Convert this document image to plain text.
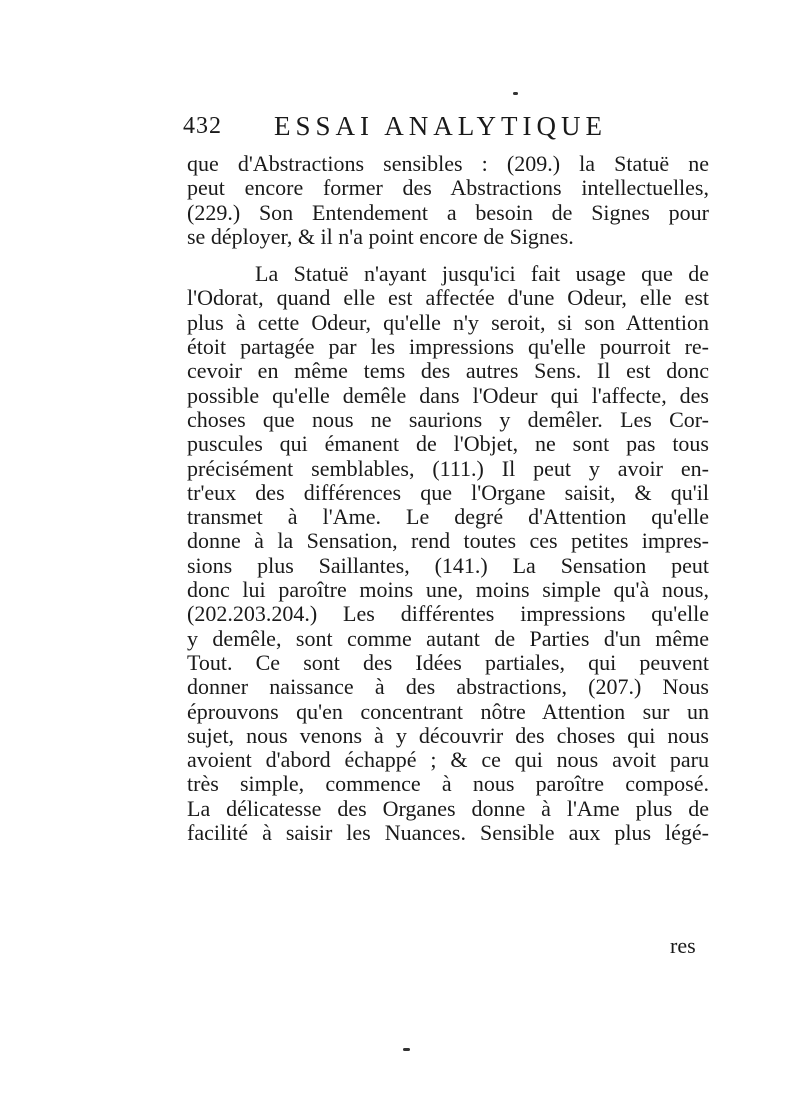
432 ESSAI ANALYTIQUE
que d'Abstractions sensibles : (209.) la Statuë ne
peut encore former des Abstractions intellectuelles,
(229.) Son Entendement a besoin de Signes pour
se déployer, & il n'a point encore de Signes.
La Statuë n'ayant jusqu'ici fait usage que de
l'Odorat, quand elle est affectée d'une Odeur, elle est
plus à cette Odeur, qu'elle n'y seroit, si son Attention
étoit partagée par les impressions qu'elle pourroit re-
cevoir en même tems des autres Sens. Il est donc
possible qu'elle demêle dans l'Odeur qui l'affecte, des
choses que nous ne saurions y demêler. Les Cor-
puscules qui émanent de l'Objet, ne sont pas tous
précisément semblables, (111.) Il peut y avoir en-
tr'eux des différences que l'Organe saisit, & qu'il
transmet à l'Ame. Le degré d'Attention qu'elle
donne à la Sensation, rend toutes ces petites impres-
sions plus Saillantes, (141.) La Sensation peut
donc lui paroître moins une, moins simple qu'à nous,
(202.203.204.) Les différentes impressions qu'elle
y demêle, sont comme autant de Parties d'un même
Tout. Ce sont des Idées partiales, qui peuvent
donner naissance à des abstractions, (207.) Nous
éprouvons qu'en concentrant nôtre Attention sur un
sujet, nous venons à y découvrir des choses qui nous
avoient d'abord échappé ; & ce qui nous avoit paru
très simple, commence à nous paroître composé.
La délicatesse des Organes donne à l'Ame plus de
facilité à saisir les Nuances. Sensible aux plus légé-
res
